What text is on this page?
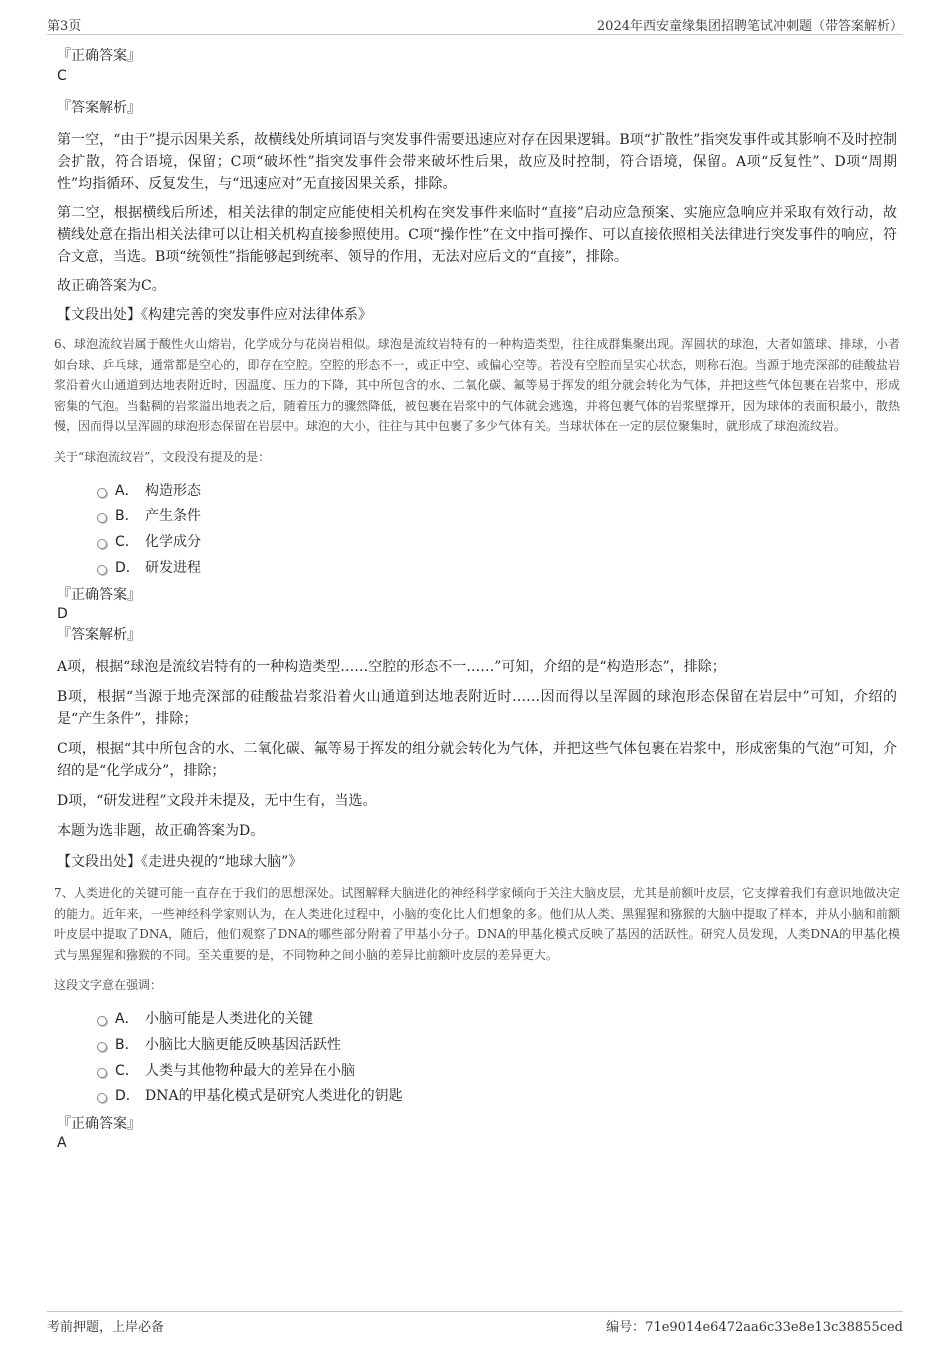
第3页	2024年西安童缘集团招聘笔试冲刺题（带答案解析）
『正确答案』
C
『答案解析』

第一空，“由于”提示因果关系，故横线处所填词语与突发事件需要迅速应对存在因果逻辑。B项“扩散性”指突发事件或其影响不及时控制会扩散，符合语境，保留；C项“破坏性”指突发事件会带来破坏性后果，故应及时控制，符合语境，保留。A项“反复性”、D项“周期性”均指循环、反复发生，与“迅速应对”无直接因果关系，排除。

第二空，根据横线后所述，相关法律的制定应能使相关机构在突发事件来临时“直接”启动应急预案、实施应急响应并采取有效行动，故横线处意在指出相关法律可以让相关机构直接参照使用。C项“操作性”在文中指可操作、可以直接依照相关法律进行突发事件的响应，符合文意，当选。B项“统领性”指能够起到统率、领导的作用，无法对应后文的“直接”，排除。

故正确答案为C。

【文段出处】《构建完善的突发事件应对法律体系》

6、球泡流纹岩属于酸性火山熔岩，化学成分与花岗岩相似。球泡是流纹岩特有的一种构造类型，往往成群集聚出现。浑圆状的球泡，大者如篮球、排球，小者如台球、乒乓球，通常都是空心的，即存在空腔。空腔的形态不一，或正中空、或偏心空等。若没有空腔而呈实心状态，则称石泡。当源于地壳深部的硅酸盐岩浆沿着火山通道到达地表附近时，因温度、压力的下降，其中所包含的水、二氧化碳、氟等易于挥发的组分就会转化为气体，并把这些气体包裹在岩浆中，形成密集的气泡。当黏稠的岩浆溢出地表之后，随着压力的骤然降低，被包裹在岩浆中的气体就会逃逸，并将包裹气体的岩浆壁撑开，因为球体的表面积最小，散热慢，因而得以呈浑圆的球泡形态保留在岩层中。球泡的大小，往往与其中包裹了多少气体有关。当球状体在一定的层位聚集时，就形成了球泡流纹岩。

关于“球泡流纹岩”，文段没有提及的是：

A． 构造形态
B． 产生条件
C． 化学成分
D． 研发进程
『正确答案』
D
『答案解析』

A项，根据“球泡是流纹岩特有的一种构造类型……空腔的形态不一……”可知，介绍的是“构造形态”，排除；

B项，根据“当源于地壳深部的硅酸盐岩浆沿着火山通道到达地表附近时……因而得以呈浑圆的球泡形态保留在岩层中”可知，介绍的是“产生条件”，排除；

C项，根据“其中所包含的水、二氧化碳、氟等易于挥发的组分就会转化为气体，并把这些气体包裹在岩浆中，形成密集的气泡”可知，介绍的是“化学成分”，排除；

D项，“研发进程”文段并未提及，无中生有，当选。

本题为选非题，故正确答案为D。

【文段出处】《走进央视的“地球大脑”》

7、人类进化的关键可能一直存在于我们的思想深处。试图解释大脑进化的神经科学家倾向于关注大脑皮层，尤其是前额叶皮层，它支撑着我们有意识地做决定的能力。近年来，一些神经科学家则认为，在人类进化过程中，小脑的变化比人们想象的多。他们从人类、黑猩猩和猕猴的大脑中提取了样本，并从小脑和前额叶皮层中提取了DNA，随后，他们观察了DNA的哪些部分附着了甲基小分子。DNA的甲基化模式反映了基因的活跃性。研究人员发现，人类DNA的甲基化模式与黑猩猩和猕猴的不同。至关重要的是，不同物种之间小脑的差异比前额叶皮层的差异更大。

这段文字意在强调：

A． 小脑可能是人类进化的关键
B． 小脑比大脑更能反映基因活跃性
C． 人类与其他物种最大的差异在小脑
D． DNA的甲基化模式是研究人类进化的钥匙
『正确答案』
A
考前押题，上岸必备	编号：71e9014e6472aa6c33e8e13c38855ced
